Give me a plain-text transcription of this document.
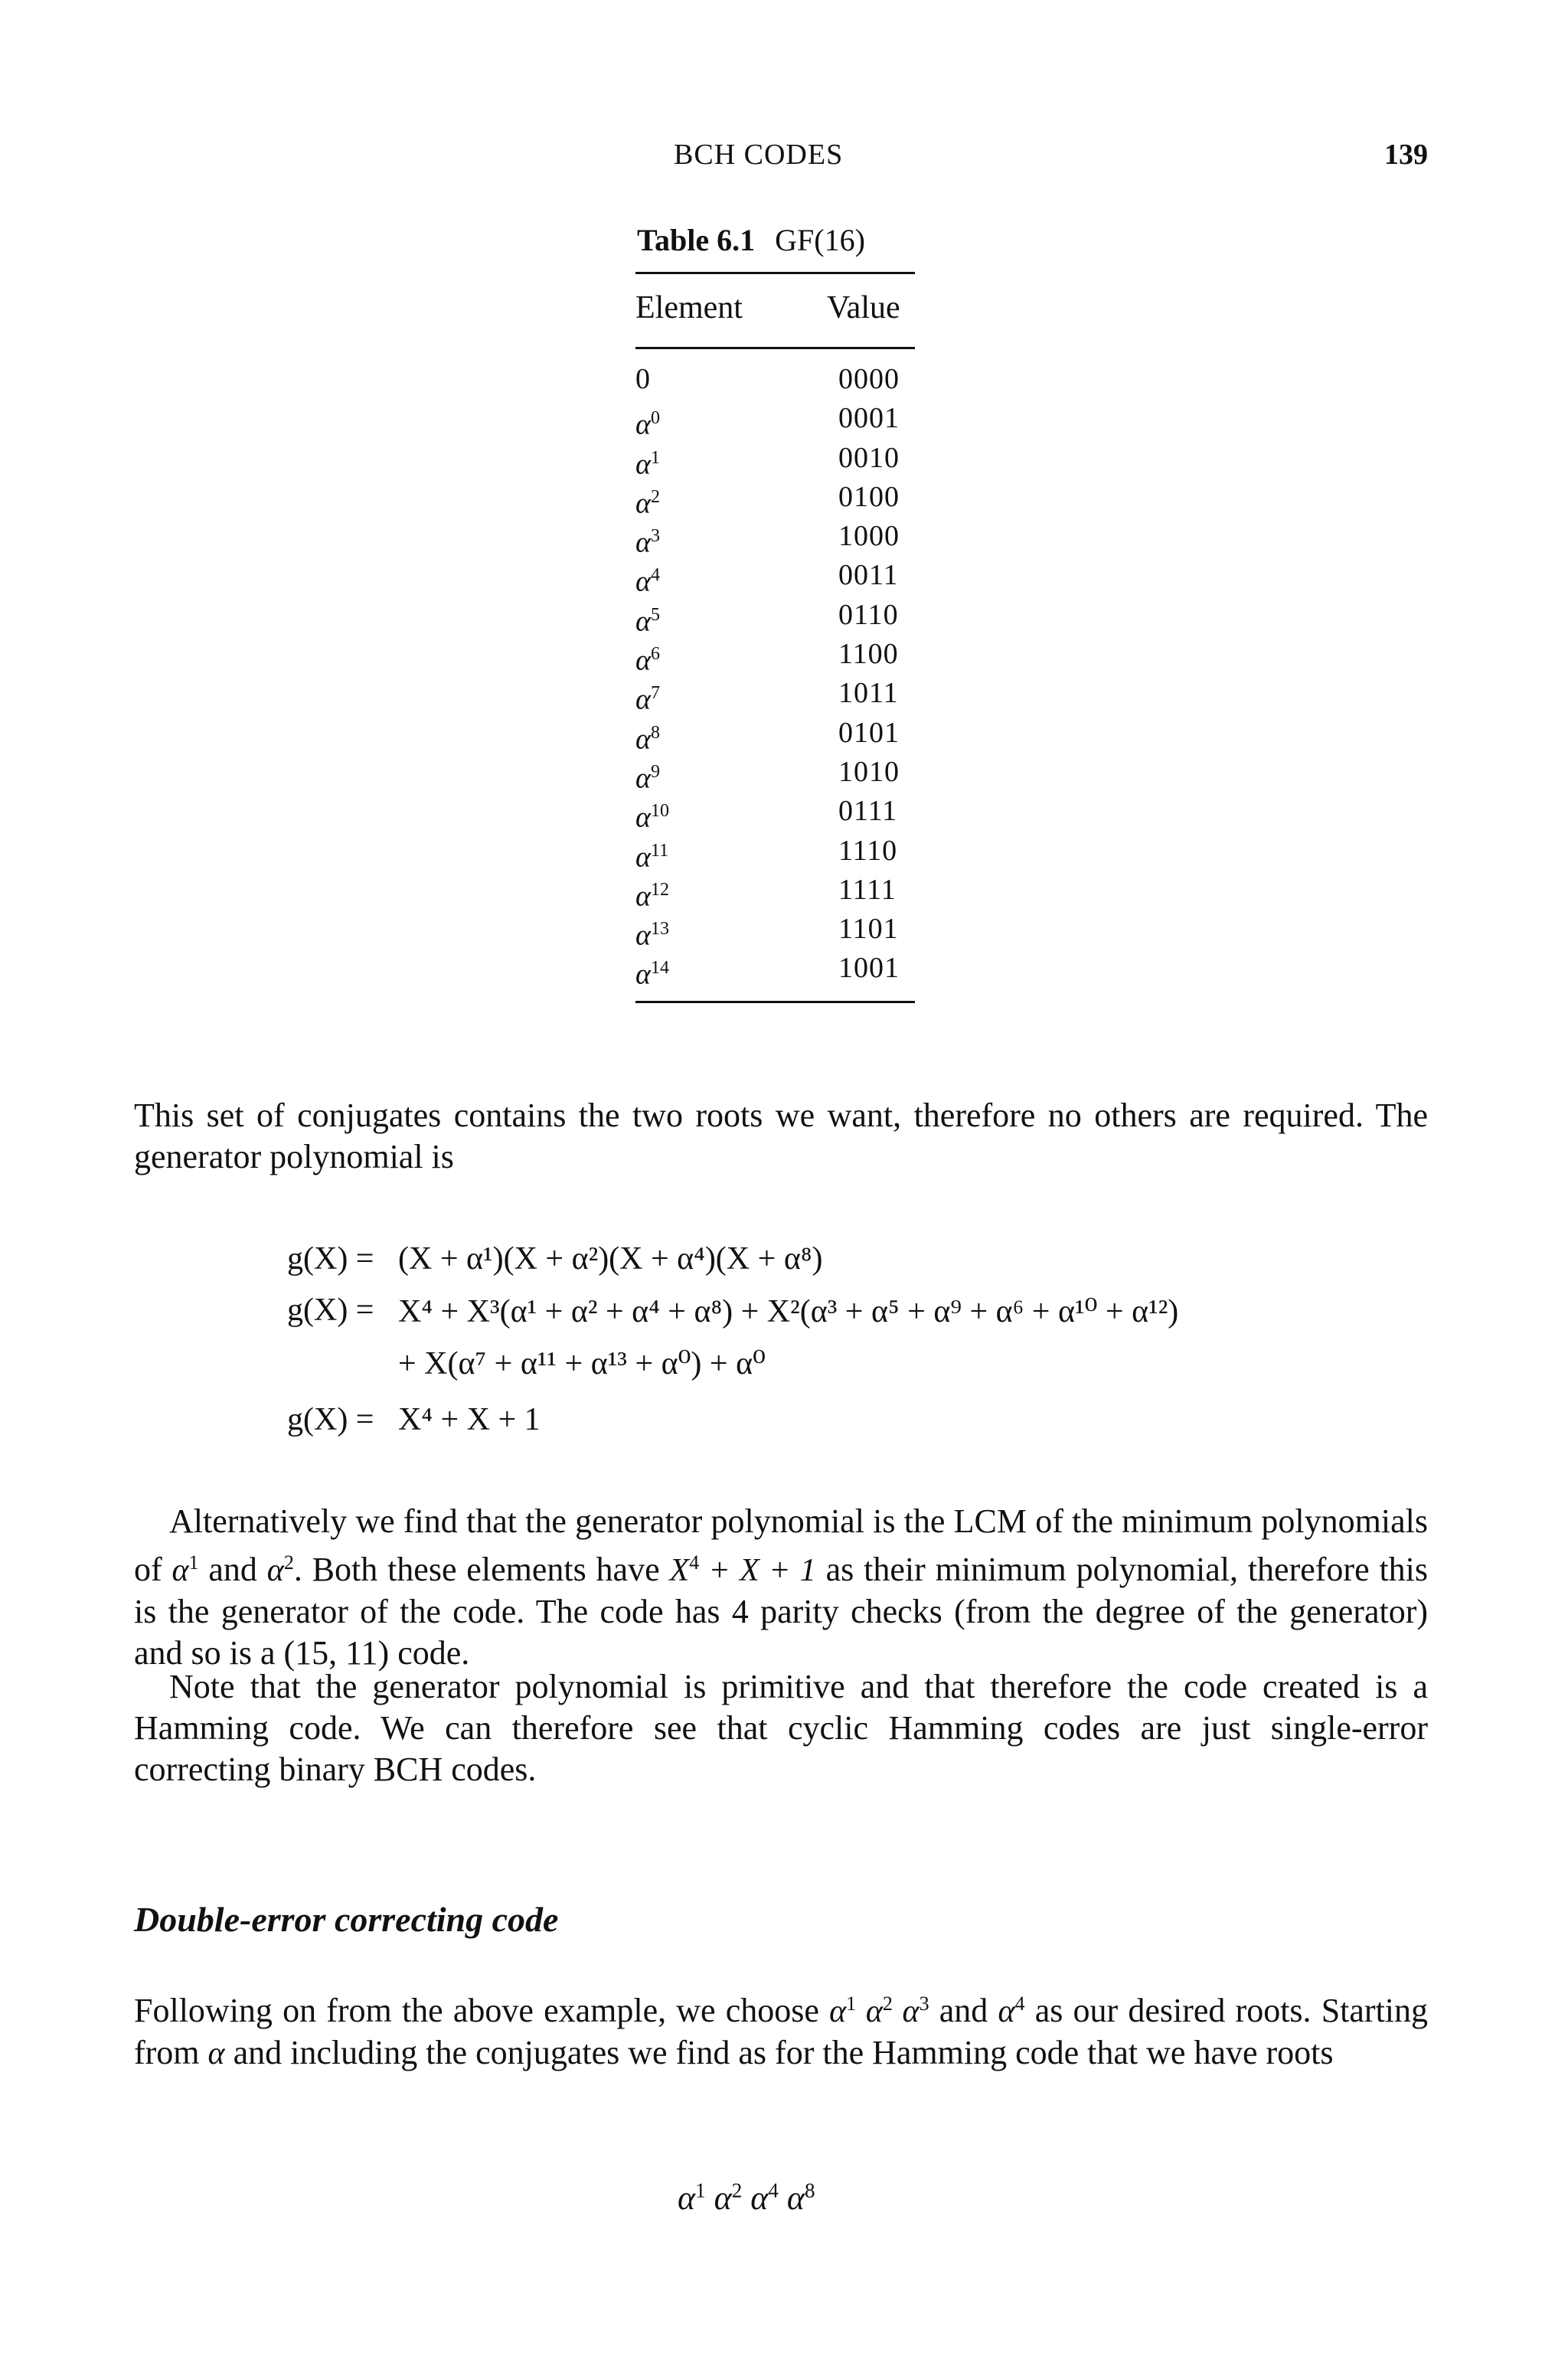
BCH CODES	139
Table 6.1 GF(16)
Element	Value
0	0000
$\alpha^0$	0001
$\alpha^1$	0010
$\alpha^2$	0100
$\alpha^3$	1000
$\alpha^4$	0011
$\alpha^5$	0110
$\alpha^6$	1100
$\alpha^7$	1011
$\alpha^8$	0101
$\alpha^9$	1010
$\alpha^{10}$	0111
$\alpha^{11}$	1110
$\alpha^{12}$	1111
$\alpha^{13}$	1101
$\alpha^{14}$	1001
This set of conjugates contains the two roots we want, therefore no others are required. The generator polynomial is
g(X) = (X + α¹)(X + α²)(X + α⁴)(X + α⁸)
g(X) = X⁴ + X³(α¹ + α² + α⁴ + α⁸) + X²(α³ + α⁵ + α⁹ + α⁶ + α¹⁰ + α¹²)
+ X(α⁷ + α¹¹ + α¹³ + α⁰) + α⁰
g(X) = X⁴ + X + 1
Alternatively we find that the generator polynomial is the LCM of the minimum polynomials of $\alpha^1$ and $\alpha^2$. Both these elements have $X^4 + X + 1$ as their minimum polynomial, therefore this is the generator of the code. The code has 4 parity checks (from the degree of the generator) and so is a (15, 11) code.
Note that the generator polynomial is primitive and that therefore the code created is a Hamming code. We can therefore see that cyclic Hamming codes are just single-error correcting binary BCH codes.
Double-error correcting code
Following on from the above example, we choose $\alpha^1$ $\alpha^2$ $\alpha^3$ and $\alpha^4$ as our desired roots. Starting from α and including the conjugates we find as for the Hamming code that we have roots
$\alpha^1$ $\alpha^2$ $\alpha^4$ $\alpha^8$
